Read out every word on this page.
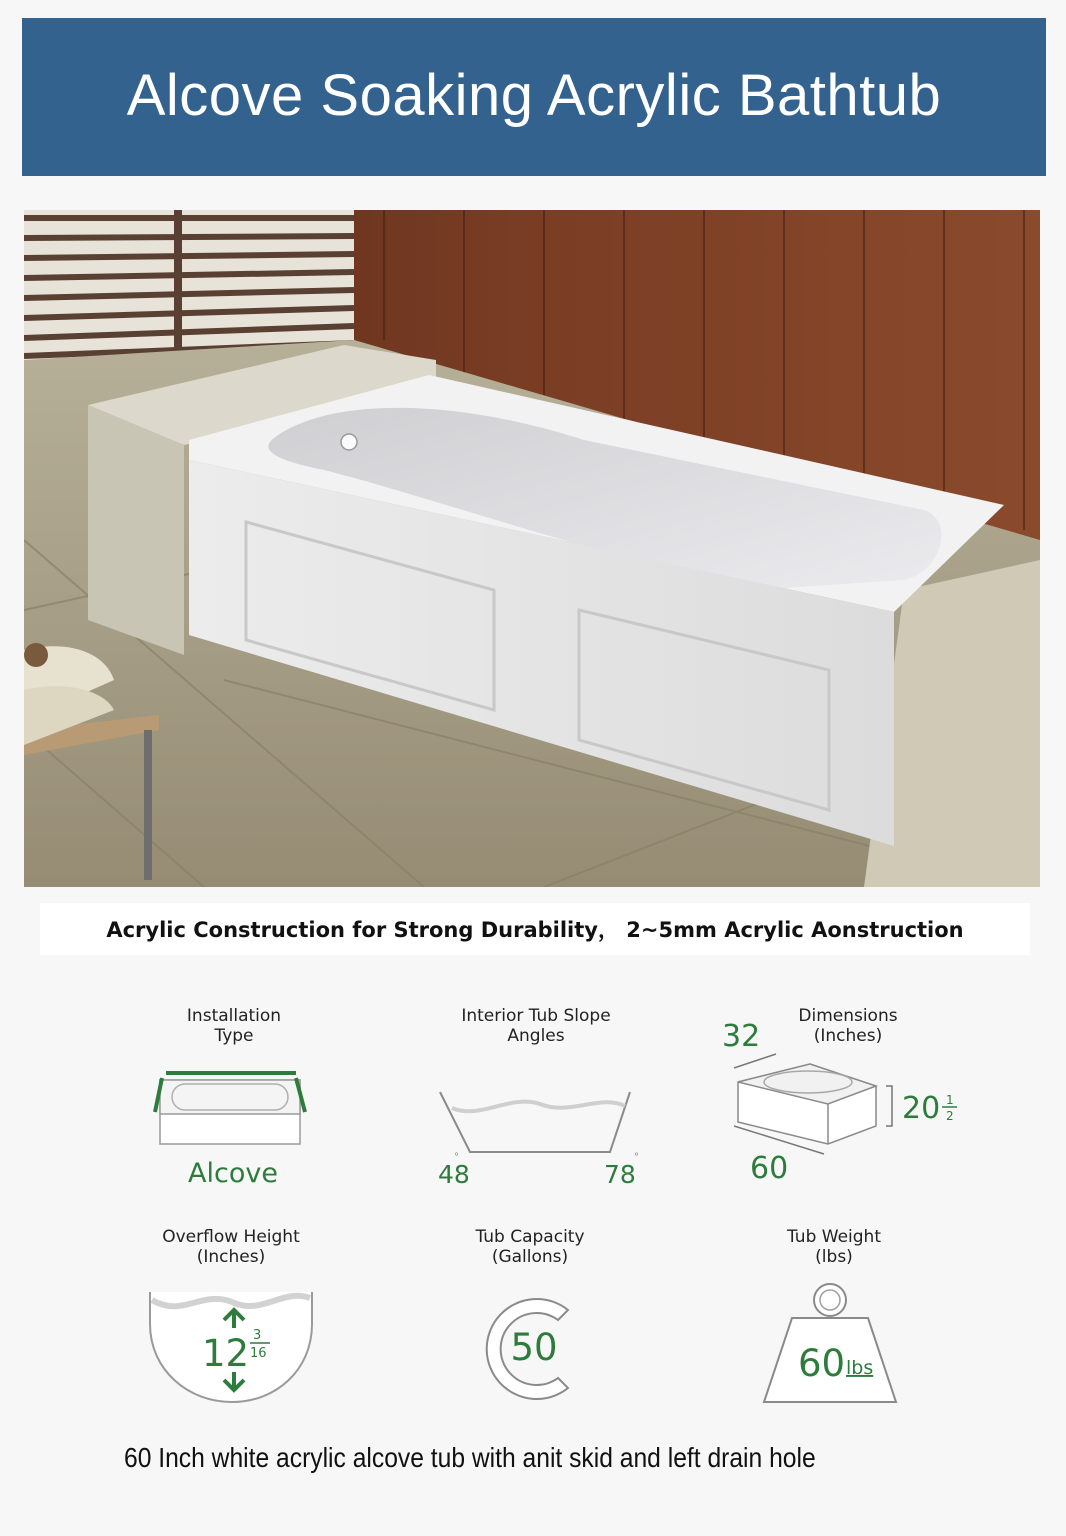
Alcove Soaking Acrylic Bathtub
Acrylic Construction for Strong Durability， 2~5mm Acrylic Aonstruction
Installation
Type
Alcove
Interior Tub Slope
Angles
48
°
78
°
Dimensions
(Inches)
32
60
20 1
2
Overflow Height
(Inches)
12 3
16
Tub Capacity
(Gallons)
50
Tub Weight
(lbs)
60 lbs
60 Inch white acrylic alcove tub with anit skid and left drain hole
